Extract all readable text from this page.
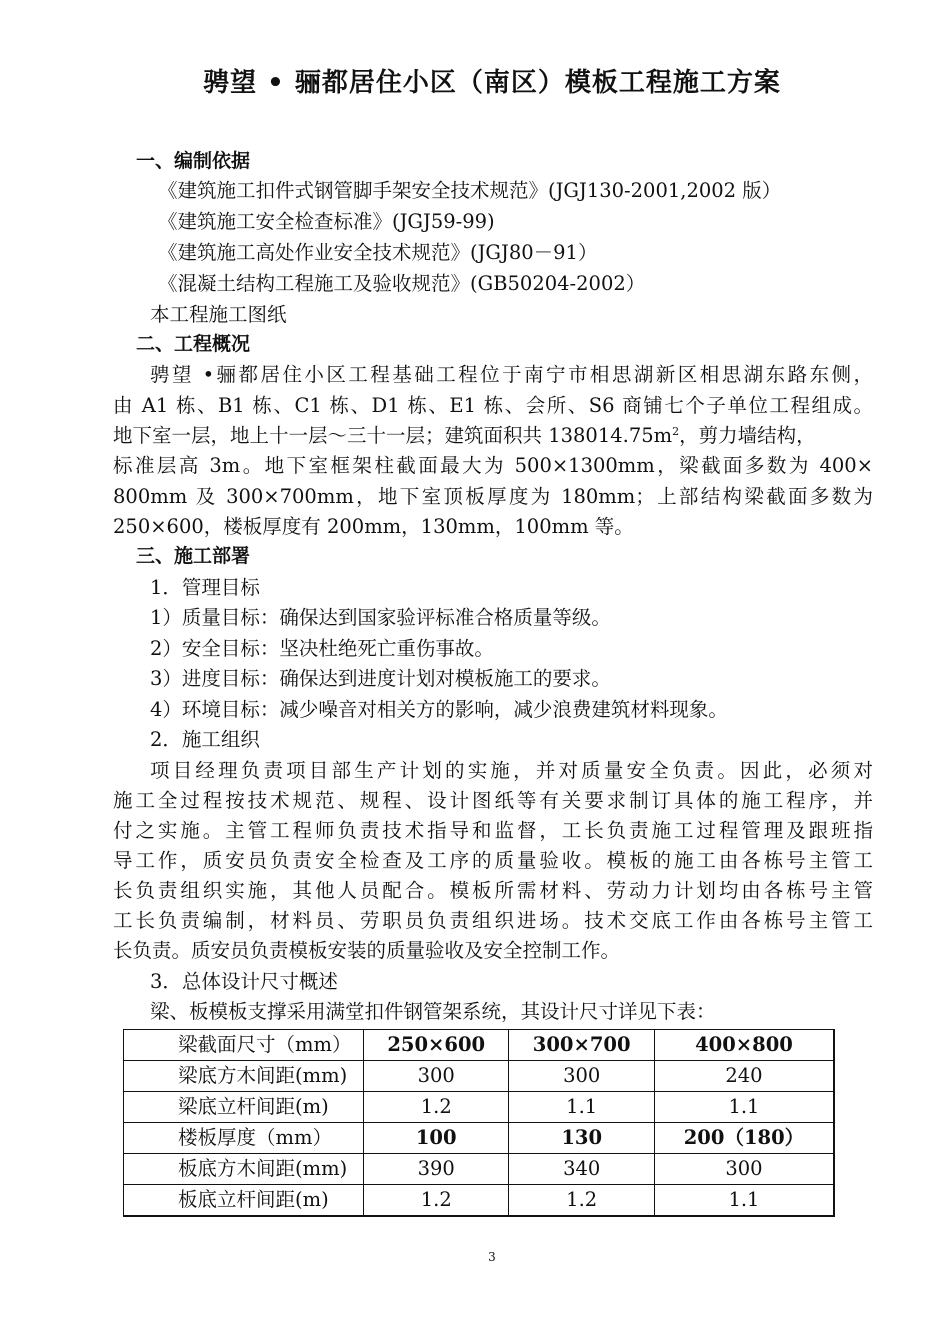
骋望 • 骊都居住小区（南区）模板工程施工方案
一、编制依据
《建筑施工扣件式钢管脚手架安全技术规范》(JGJ130-2001,2002 版）
《建筑施工安全检查标准》(JGJ59-99)
《建筑施工高处作业安全技术规范》(JGJ80－91）
《混凝土结构工程施工及验收规范》(GB50204-2002）
本工程施工图纸
二、工程概况
骋望 •骊都居住小区工程基础工程位于南宁市相思湖新区相思湖东路东侧，
由 A1 栋、B1 栋、C1 栋、D1 栋、E1 栋、会所、S6 商铺七个子单位工程组成。
地下室一层，地上十一层～三十一层；建筑面积共 $138014.75m^2$，剪力墙结构，
标准层高 3m。地下室框架柱截面最大为 500×1300mm，梁截面多数为 400×
800mm 及 300×700mm，地下室顶板厚度为 180mm；上部结构梁截面多数为
250×600，楼板厚度有 200mm，130mm，100mm 等。
三、施工部署
1．管理目标
1）质量目标：确保达到国家验评标准合格质量等级。
2）安全目标：坚决杜绝死亡重伤事故。
3）进度目标：确保达到进度计划对模板施工的要求。
4）环境目标：减少噪音对相关方的影响，减少浪费建筑材料现象。
2．施工组织
项目经理负责项目部生产计划的实施，并对质量安全负责。因此，必须对
施工全过程按技术规范、规程、设计图纸等有关要求制订具体的施工程序，并
付之实施。主管工程师负责技术指导和监督，工长负责施工过程管理及跟班指
导工作，质安员负责安全检查及工序的质量验收。模板的施工由各栋号主管工
长负责组织实施，其他人员配合。模板所需材料、劳动力计划均由各栋号主管
工长负责编制，材料员、劳职员负责组织进场。技术交底工作由各栋号主管工
长负责。质安员负责模板安装的质量验收及安全控制工作。
3．总体设计尺寸概述
梁、板模板支撑采用满堂扣件钢管架系统，其设计尺寸详见下表：
梁截面尺寸（mm）	250×600	300×700	400×800
梁底方木间距(mm)	300	300	240
梁底立杆间距(m)	1.2	1.1	1.1
楼板厚度（mm）	100	130	200（180）
板底方木间距(mm)	390	340	300
板底立杆间距(m)	1.2	1.2	1.1
3
